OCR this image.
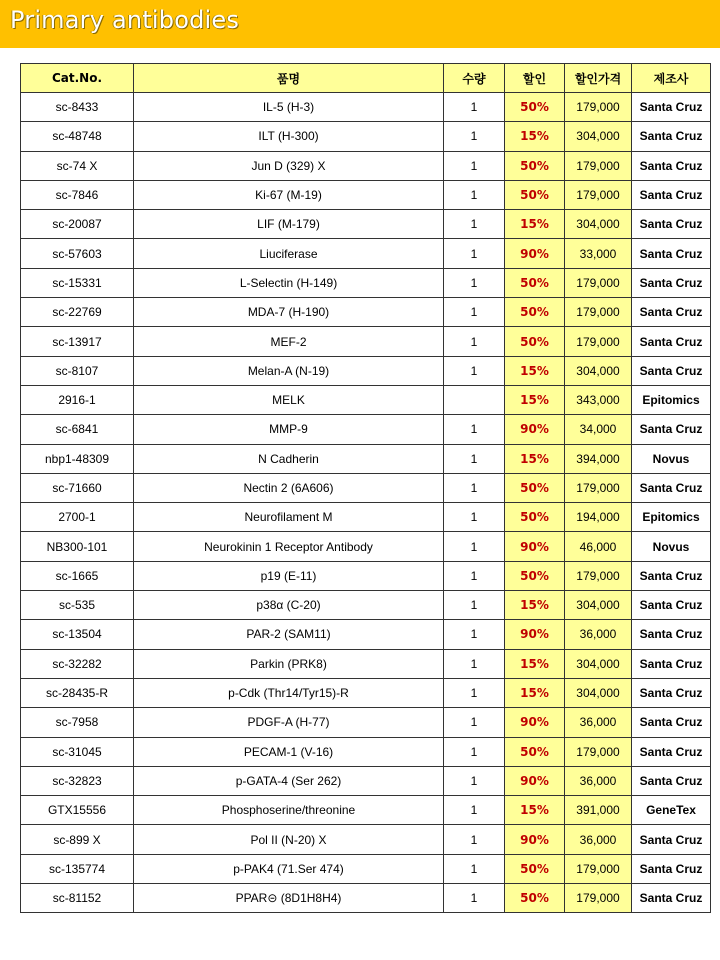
Primary antibodies
Cat.No.	품명	수량	할인	할인가격	제조사
sc-8433	IL-5 (H-3)	1	50%	179,000	Santa Cruz
sc-48748	ILT (H-300)	1	15%	304,000	Santa Cruz
sc-74 X	Jun D (329) X	1	50%	179,000	Santa Cruz
sc-7846	Ki-67 (M-19)	1	50%	179,000	Santa Cruz
sc-20087	LIF (M-179)	1	15%	304,000	Santa Cruz
sc-57603	Liuciferase	1	90%	33,000	Santa Cruz
sc-15331	L-Selectin (H-149)	1	50%	179,000	Santa Cruz
sc-22769	MDA-7 (H-190)	1	50%	179,000	Santa Cruz
sc-13917	MEF-2	1	50%	179,000	Santa Cruz
sc-8107	Melan-A (N-19)	1	15%	304,000	Santa Cruz
2916-1	MELK		15%	343,000	Epitomics
sc-6841	MMP-9	1	90%	34,000	Santa Cruz
nbp1-48309	N Cadherin	1	15%	394,000	Novus
sc-71660	Nectin 2 (6A606)	1	50%	179,000	Santa Cruz
2700-1	Neurofilament M	1	50%	194,000	Epitomics
NB300-101	Neurokinin 1 Receptor Antibody	1	90%	46,000	Novus
sc-1665	p19 (E-11)	1	50%	179,000	Santa Cruz
sc-535	p38α (C-20)	1	15%	304,000	Santa Cruz
sc-13504	PAR-2 (SAM11)	1	90%	36,000	Santa Cruz
sc-32282	Parkin (PRK8)	1	15%	304,000	Santa Cruz
sc-28435-R	p-Cdk (Thr14/Tyr15)-R	1	15%	304,000	Santa Cruz
sc-7958	PDGF-A (H-77)	1	90%	36,000	Santa Cruz
sc-31045	PECAM-1 (V-16)	1	50%	179,000	Santa Cruz
sc-32823	p-GATA-4 (Ser 262)	1	90%	36,000	Santa Cruz
GTX15556	Phosphoserine/threonine	1	15%	391,000	GeneTex
sc-899 X	Pol II (N-20) X	1	90%	36,000	Santa Cruz
sc-135774	p-PAK4 (71.Ser 474)	1	50%	179,000	Santa Cruz
sc-81152	PPAR⊝ (8D1H8H4)	1	50%	179,000	Santa Cruz
